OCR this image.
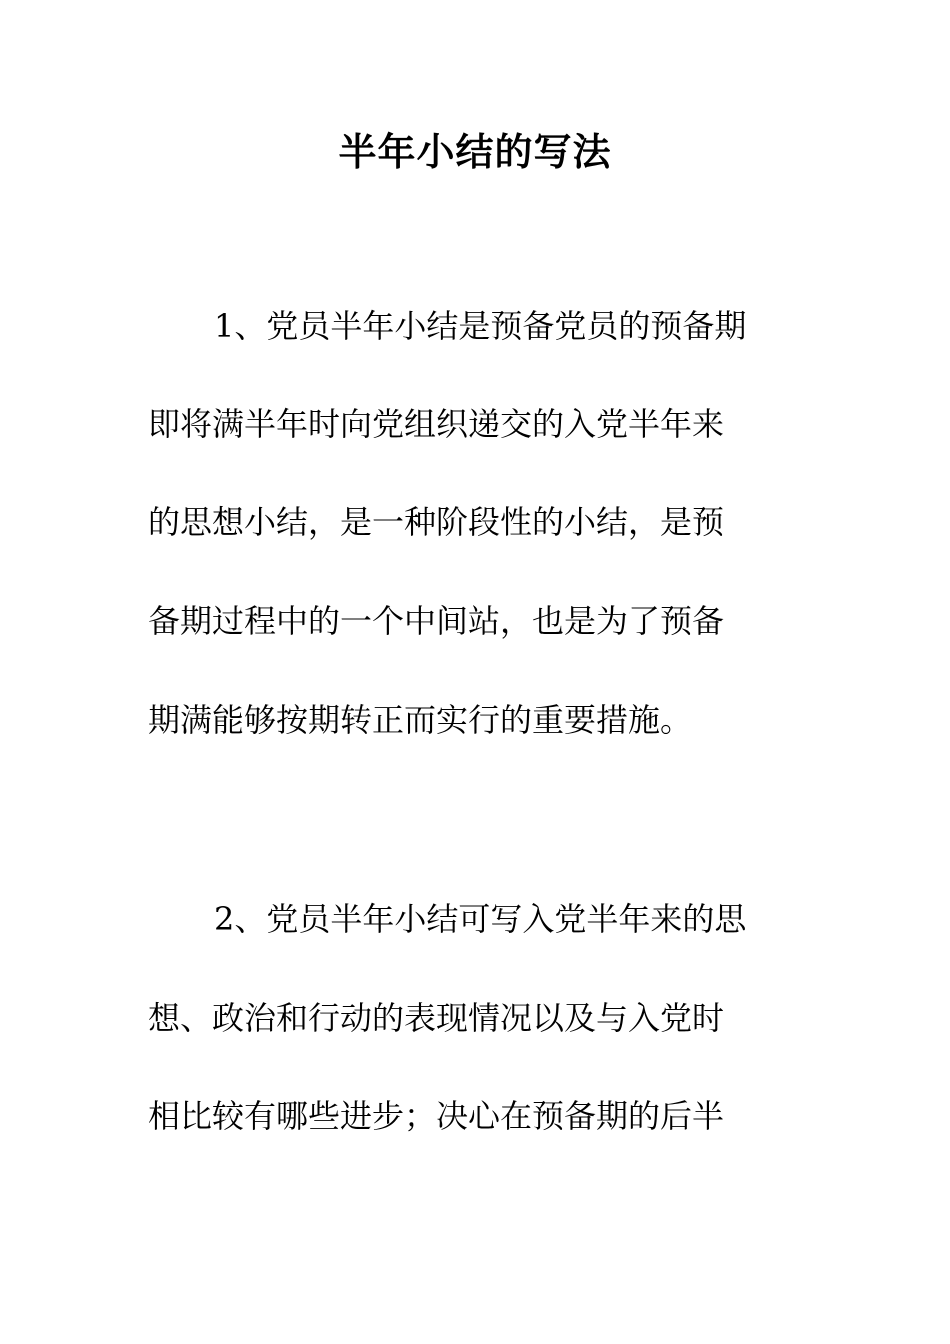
半年小结的写法

1、党员半年小结是预备党员的预备期

即将满半年时向党组织递交的入党半年来

的思想小结，是一种阶段性的小结，是预

备期过程中的一个中间站，也是为了预备

期满能够按期转正而实行的重要措施。

2、党员半年小结可写入党半年来的思

想、政治和行动的表现情况以及与入党时

相比较有哪些进步；决心在预备期的后半
